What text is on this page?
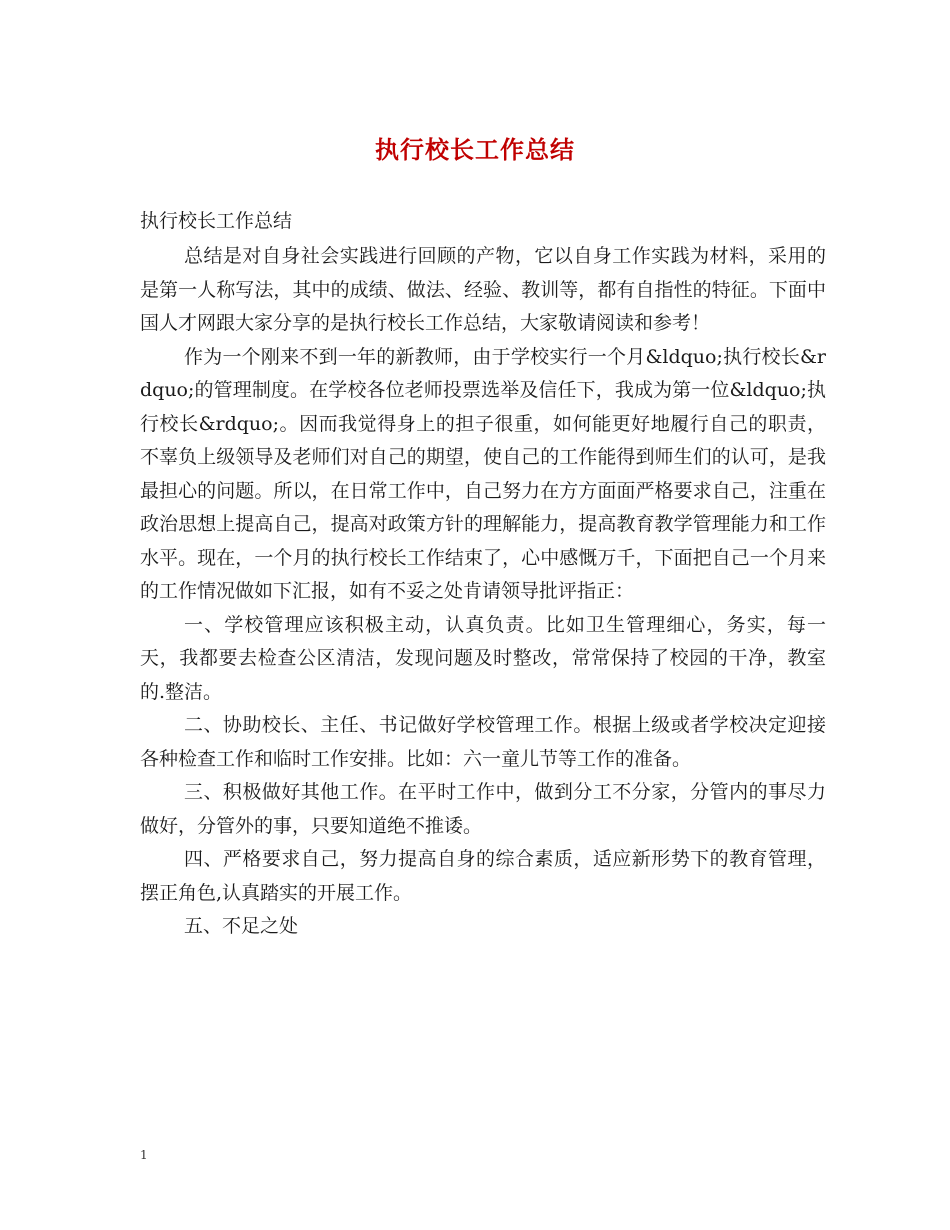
执行校长工作总结
执行校长工作总结

总结是对自身社会实践进行回顾的产物，它以自身工作实践为材料，采用的是第一人称写法，其中的成绩、做法、经验、教训等，都有自指性的特征。下面中国人才网跟大家分享的是执行校长工作总结，大家敬请阅读和参考！

作为一个刚来不到一年的新教师，由于学校实行一个月&ldquo;执行校长&rdquo;的管理制度。在学校各位老师投票选举及信任下，我成为第一位&ldquo;执行校长&rdquo;。因而我觉得身上的担子很重，如何能更好地履行自己的职责，不辜负上级领导及老师们对自己的期望，使自己的工作能得到师生们的认可，是我最担心的问题。所以，在日常工作中，自己努力在方方面面严格要求自己，注重在政治思想上提高自己，提高对政策方针的理解能力，提高教育教学管理能力和工作水平。现在，一个月的执行校长工作结束了，心中感慨万千，下面把自己一个月来的工作情况做如下汇报，如有不妥之处肯请领导批评指正：

一、学校管理应该积极主动，认真负责。比如卫生管理细心，务实，每一天，我都要去检查公区清洁，发现问题及时整改，常常保持了校园的干净，教室的.整洁。

二、协助校长、主任、书记做好学校管理工作。根据上级或者学校决定迎接各种检查工作和临时工作安排。比如：六一童儿节等工作的准备。

三、积极做好其他工作。在平时工作中，做到分工不分家，分管内的事尽力做好，分管外的事，只要知道绝不推诿。

四、严格要求自己，努力提高自身的综合素质，适应新形势下的教育管理，摆正角色,认真踏实的开展工作。

五、不足之处

1
